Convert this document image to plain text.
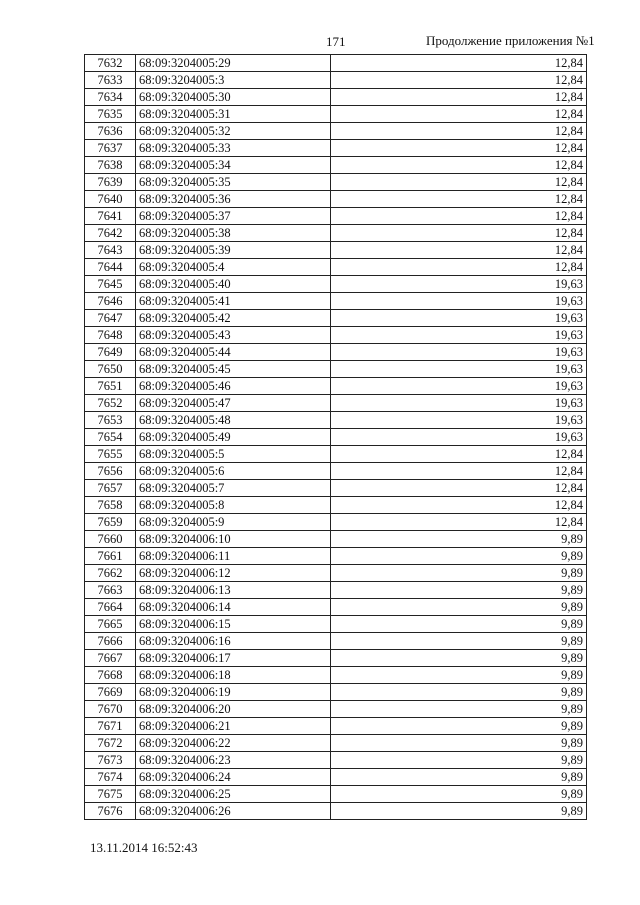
171	Продолжение приложения №1
7632	68:09:3204005:29	12,84
7633	68:09:3204005:3	12,84
7634	68:09:3204005:30	12,84
7635	68:09:3204005:31	12,84
7636	68:09:3204005:32	12,84
7637	68:09:3204005:33	12,84
7638	68:09:3204005:34	12,84
7639	68:09:3204005:35	12,84
7640	68:09:3204005:36	12,84
7641	68:09:3204005:37	12,84
7642	68:09:3204005:38	12,84
7643	68:09:3204005:39	12,84
7644	68:09:3204005:4	12,84
7645	68:09:3204005:40	19,63
7646	68:09:3204005:41	19,63
7647	68:09:3204005:42	19,63
7648	68:09:3204005:43	19,63
7649	68:09:3204005:44	19,63
7650	68:09:3204005:45	19,63
7651	68:09:3204005:46	19,63
7652	68:09:3204005:47	19,63
7653	68:09:3204005:48	19,63
7654	68:09:3204005:49	19,63
7655	68:09:3204005:5	12,84
7656	68:09:3204005:6	12,84
7657	68:09:3204005:7	12,84
7658	68:09:3204005:8	12,84
7659	68:09:3204005:9	12,84
7660	68:09:3204006:10	9,89
7661	68:09:3204006:11	9,89
7662	68:09:3204006:12	9,89
7663	68:09:3204006:13	9,89
7664	68:09:3204006:14	9,89
7665	68:09:3204006:15	9,89
7666	68:09:3204006:16	9,89
7667	68:09:3204006:17	9,89
7668	68:09:3204006:18	9,89
7669	68:09:3204006:19	9,89
7670	68:09:3204006:20	9,89
7671	68:09:3204006:21	9,89
7672	68:09:3204006:22	9,89
7673	68:09:3204006:23	9,89
7674	68:09:3204006:24	9,89
7675	68:09:3204006:25	9,89
7676	68:09:3204006:26	9,89
13.11.2014 16:52:43
